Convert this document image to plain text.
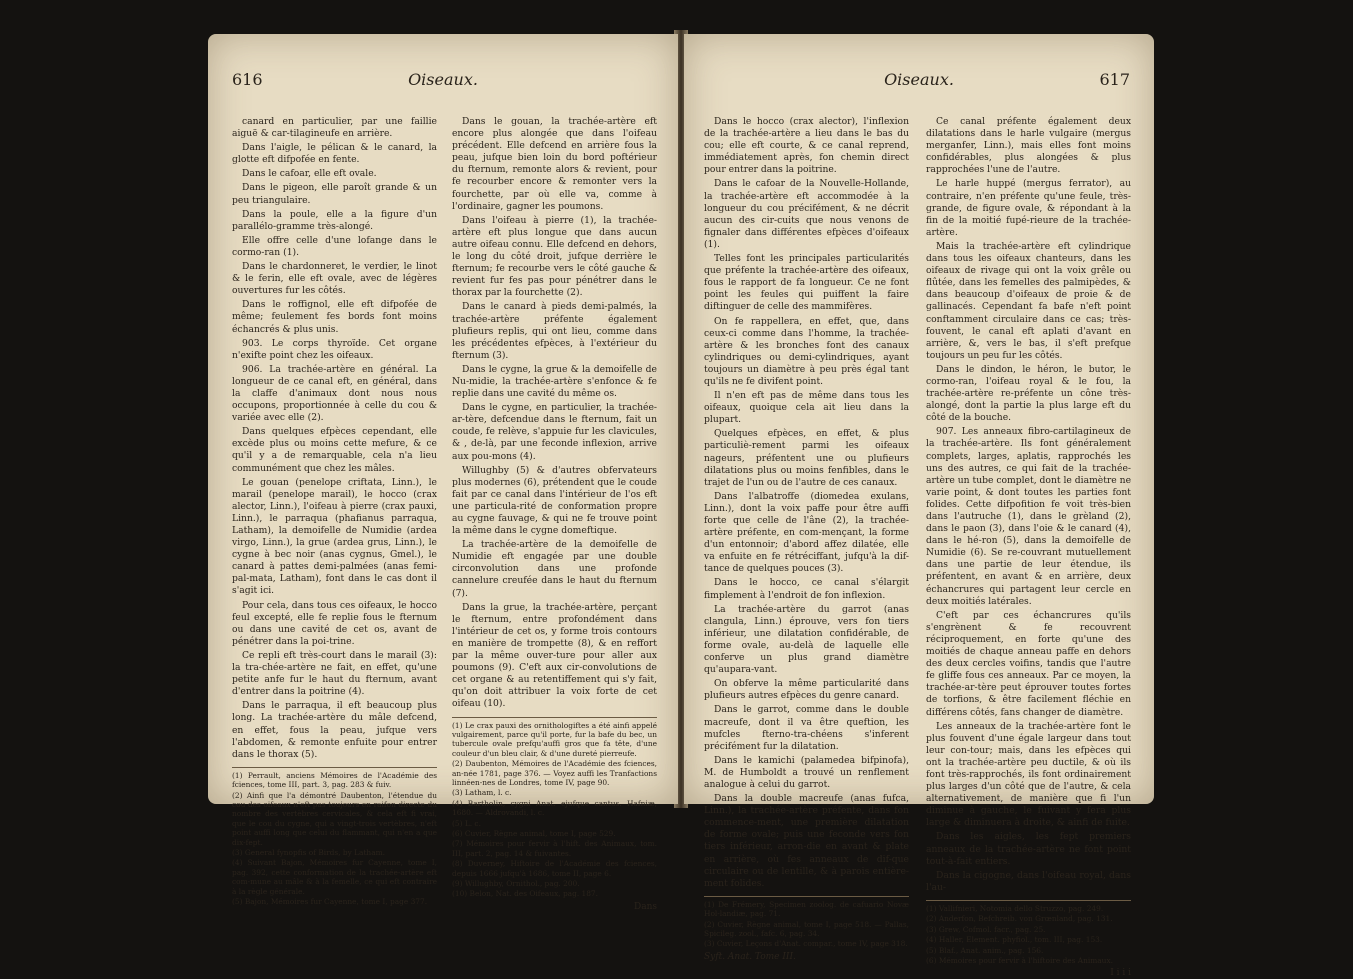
616	Oiseaux.

canard en particulier, par une faillie aiguë & car-tilagineufe en arrière.

Dans l'aigle, le pélican & le canard, la glotte eft difpofée en fente.

Dans le cafoar, elle eft ovale.

Dans le pigeon, elle paroît grande & un peu triangulaire.

Dans la poule, elle a la figure d'un parallélo-gramme très-alongé.

Elle offre celle d'une lofange dans le cormo-ran (1).

Dans le chardonneret, le verdier, le linot & le ferin, elle eft ovale, avec de légères ouvertures fur les côtés.

Dans le roffignol, elle eft difpofée de même; feulement fes bords font moins échancrés & plus unis.

903. Le corps thyroïde. Cet organe n'exifte point chez les oifeaux.

906. La trachée-artère en général. La longueur de ce canal eft, en général, dans la claffe d'animaux dont nous nous occupons, proportionnée à celle du cou & variée avec elle (2).

Dans quelques efpèces cependant, elle excède plus ou moins cette mefure, & ce qu'il y a de remarquable, cela n'a lieu communément que chez les mâles.

Le gouan (penelope criftata, Linn.), le marail (penelope marail), le hocco (crax alector, Linn.), l'oifeau à pierre (crax pauxi, Linn.), le parraqua (phafianus parraqua, Latham), la demoifelle de Numidie (ardea virgo, Linn.), la grue (ardea grus, Linn.), le cygne à bec noir (anas cygnus, Gmel.), le canard à pattes demi-palmées (anas femi-pal-mata, Latham), font dans le cas dont il s'agit ici.

Pour cela, dans tous ces oifeaux, le hocco feul excepté, elle fe replie fous le fternum ou dans une cavité de cet os, avant de pénétrer dans la poi-trine.

Ce repli eft très-court dans le marail (3): la tra-chée-artère ne fait, en effet, qu'une petite anfe fur le haut du fternum, avant d'entrer dans la poitrine (4).

Dans le parraqua, il eft beaucoup plus long. La trachée-artère du mâle defcend, en effet, fous la peau, jufque vers l'abdomen, & remonte enfuite pour entrer dans le thorax (5).

(1) Perrault, anciens Mémoires de l'Académie des fciences, tome III, part. 3, pag. 283 & fuiv.
(2) Ainfi que l'a démontré Daubenton, l'étendue du cou des oifeaux n'eft pas toujours en raifon directe du nombre des vertèbres cervicales, & cela eft fi vrai, que le cou du cygne, qui a vingt-trois vertèbres, n'eft point auffi long que celui du flammant, qui n'en a que dix-fept.
(3) General fynopfis of Birds, by Latham.
(4) Suivant Bajon, Mémoires fur Cayenne, tome I, pag. 392, cette conformation de la trachée-artère eft com-mune au mâle & à la femelle, ce qui eft contraire à la règle générale.
(5) Bajon, Mémoires fur Cayenne, tome I, page 377.

Dans le gouan, la trachée-artère eft encore plus alongée que dans l'oifeau précédent. Elle defcend en arrière fous la peau, jufque bien loin du bord poftérieur du fternum, remonte alors & revient, pour fe recourber encore & remonter vers la fourchette, par où elle va, comme à l'ordinaire, gagner les poumons.

Dans l'oifeau à pierre (1), la trachée-artère eft plus longue que dans aucun autre oifeau connu. Elle defcend en dehors, le long du côté droit, jufque derrière le fternum; fe recourbe vers le côté gauche & revient fur fes pas pour pénétrer dans le thorax par la fourchette (2).

Dans le canard à pieds demi-palmés, la trachée-artère préfente également plufieurs replis, qui ont lieu, comme dans les précédentes efpèces, à l'extérieur du fternum (3).

Dans le cygne, la grue & la demoifelle de Nu-midie, la trachée-artère s'enfonce & fe replie dans une cavité du même os.

Dans le cygne, en particulier, la trachée-ar-tère, defcendue dans le fternum, fait un coude, fe relève, s'appuie fur les clavicules, & , de-là, par une feconde inflexion, arrive aux pou-mons (4).

Willughby (5) & d'autres obfervateurs plus modernes (6), prétendent que le coude fait par ce canal dans l'intérieur de l'os eft une particula-rité de conformation propre au cygne fauvage, & qui ne fe trouve point la même dans le cygne domeftique.

La trachée-artère de la demoifelle de Numidie eft engagée par une double circonvolution dans une profonde cannelure creufée dans le haut du fternum (7).

Dans la grue, la trachée-artère, perçant le fternum, entre profondément dans l'intérieur de cet os, y forme trois contours en manière de trompette (8), & en reffort par la même ouver-ture pour aller aux poumons (9). C'eft aux cir-convolutions de cet organe & au retentiffement qui s'y fait, qu'on doit attribuer la voix forte de cet oifeau (10).

(1) Le crax pauxi des ornithologiftes a été ainfi appelé vulgairement, parce qu'il porte, fur la bafe du bec, un tubercule ovale prefqu'auffi gros que fa tête, d'une couleur d'un bleu clair, & d'une dureté pierreufe.
(2) Daubenton, Mémoires de l'Académie des fciences, an-née 1781, page 376. — Voyez auffi les Tranfactions linnéen-nes de Londres, tome IV, page 90.
(3) Latham, l. c.
(4) Bartholin, cygni Anat. ejufque cantus. Hafniæ, 1680. — Aldrovandi, l. c.
(5) L. c.
(6) Cuvier, Règne animal, tome I, page 529.
(7) Mémoires pour fervir à l'hift. des Animaux, tom. III, part. 2, pag. 14 & fuivantes.
(8) Duverney, Hiftoire de l'Académie des fciences, depuis 1666 jufqu'à 1686, tome II, page 6.
(9) Willughby, Ornithol., pag. 200.
(10) Belon, Nat. des Oifeaux, pag. 187.
Dans
Oiseaux.	617

Dans le hocco (crax alector), l'inflexion de la trachée-artère a lieu dans le bas du cou; elle eft courte, & ce canal reprend, immédiatement après, fon chemin direct pour entrer dans la poitrine.

Dans le cafoar de la Nouvelle-Hollande, la trachée-artère eft accommodée à la longueur du cou précifément, & ne décrit aucun des cir-cuits que nous venons de fignaler dans différentes efpèces d'oifeaux (1).

Telles font les principales particularités que préfente la trachée-artère des oifeaux, fous le rapport de fa longueur. Ce ne font point les feules qui puiffent la faire diftinguer de celle des mammifères.

On fe rappellera, en effet, que, dans ceux-ci comme dans l'homme, la trachée-artère & les bronches font des canaux cylindriques ou demi-cylindriques, ayant toujours un diamètre à peu près égal tant qu'ils ne fe divifent point.

Il n'en eft pas de même dans tous les oifeaux, quoique cela ait lieu dans la plupart.

Quelques efpèces, en effet, & plus particuliè-rement parmi les oifeaux nageurs, préfentent une ou plufieurs dilatations plus ou moins fenfibles, dans le trajet de l'un ou de l'autre de ces canaux.

Dans l'albatroffe (diomedea exulans, Linn.), dont la voix paffe pour être auffi forte que celle de l'âne (2), la trachée-artère préfente, en com-mençant, la forme d'un entonnoir; d'abord affez dilatée, elle va enfuite en fe rétréciffant, jufqu'à la dif-tance de quelques pouces (3).

Dans le hocco, ce canal s'élargit fimplement à l'endroit de fon inflexion.

La trachée-artère du garrot (anas clangula, Linn.) éprouve, vers fon tiers inférieur, une dilatation confidérable, de forme ovale, au-delà de laquelle elle conferve un plus grand diamètre qu'aupara-vant.

On obferve la même particularité dans plufieurs autres efpèces du genre canard.

Dans le garrot, comme dans le double macreufe, dont il va être queftion, les mufcles fterno-tra-chéens s'inferent précifément fur la dilatation.

Dans le kamichi (palamedea bifpinofa), M. de Humboldt a trouvé un renflement analogue à celui du garrot.

Dans la double macreufe (anas fufca, Linn.), la trachée-artère préfente, dans fon commence-ment, une première dilatation de forme ovale; puis une feconde vers fon tiers inférieur, arron-die en avant & plate en arrière, où fes anneaux de dif-que circulaire ou de lentille, & à parois entière-ment folides.

(1) De Frémery, Specimen zoolog. de cafuario Novæ Hol-landiæ, pag. 71.
(2) Cuvier, Règne animal, tome I, page 518. — Pallas, Spicileg. zool., fafc. 6, pag. 34.
(3) Cuvier, Leçons d'Anat. compar., tome IV, page 318.
Syft. Anat. Tome III.

Ce canal préfente également deux dilatations dans le harle vulgaire (mergus merganfer, Linn.), mais elles font moins confidérables, plus alongées & plus rapprochées l'une de l'autre.

Le harle huppé (mergus ferrator), au contraire, n'en préfente qu'une feule, très-grande, de figure ovale, & répondant à la fin de la moitié fupé-rieure de la trachée-artère.

Mais la trachée-artère eft cylindrique dans tous les oifeaux chanteurs, dans les oifeaux de rivage qui ont la voix grêle ou flûtée, dans les femelles des palmipèdes, & dans beaucoup d'oifeaux de proie & de gallinacés. Cependant fa bafe n'eft point conftamment circulaire dans ce cas; très-fouvent, le canal eft aplati d'avant en arrière, &, vers le bas, il s'eft prefque toujours un peu fur les côtés.

Dans le dindon, le héron, le butor, le cormo-ran, l'oifeau royal & le fou, la trachée-artère re-préfente un cône très-alongé, dont la partie la plus large eft du côté de la bouche.

907. Les anneaux fibro-cartilagineux de la trachée-artère. Ils font généralement complets, larges, aplatis, rapprochés les uns des autres, ce qui fait de la trachée-artère un tube complet, dont le diamètre ne varie point, & dont toutes les parties font folides. Cette difpofition fe voit très-bien dans l'autruche (1), dans le grèland (2), dans le paon (3), dans l'oie & le canard (4), dans le hé-ron (5), dans la demoifelle de Numidie (6). Se re-couvrant mutuellement dans une partie de leur étendue, ils préfentent, en avant & en arrière, deux échancrures qui partagent leur cercle en deux moitiés latérales.

C'eft par ces échancrures qu'ils s'engrènent & fe recouvrent réciproquement, en forte qu'une des moitiés de chaque anneau paffe en dehors des deux cercles voifins, tandis que l'autre fe gliffe fous ces anneaux. Par ce moyen, la trachée-ar-tère peut éprouver toutes fortes de torfions, & être facilement fléchie en différens côtés, fans changer de diamètre.

Les anneaux de la trachée-artère font le plus fouvent d'une égale largeur dans tout leur con-tour; mais, dans les efpèces qui ont la trachée-artère peu ductile, & où ils font très-rapprochés, ils font ordinairement plus larges d'un côté que de l'autre, & cela alternativement, de manière que fi l'un diminue à gauche, le fuivant y fera plus large & diminuera à droite, & ainfi de fuite.

Dans les aigles, les fept premiers anneaux de la trachée-artère ne font point tout-à-fait entiers.

Dans la cigogne, dans l'oifeau royal, dans l'au-

(1) Vallifnieri, Notomia dello Struzzo, pag. 249.
(2) Anderfon, Befchreib. von Grœnland, pag. 131.
(3) Grew, Cofmol. facr., pag. 25.
(4) Haller, Element. phyfiol., tom. III, pag. 153.
(5) Blaf., Anat. anim., pag. 156.
(6) Mémoires pour fervir à l'hiftoire des Animaux.
I i i i
